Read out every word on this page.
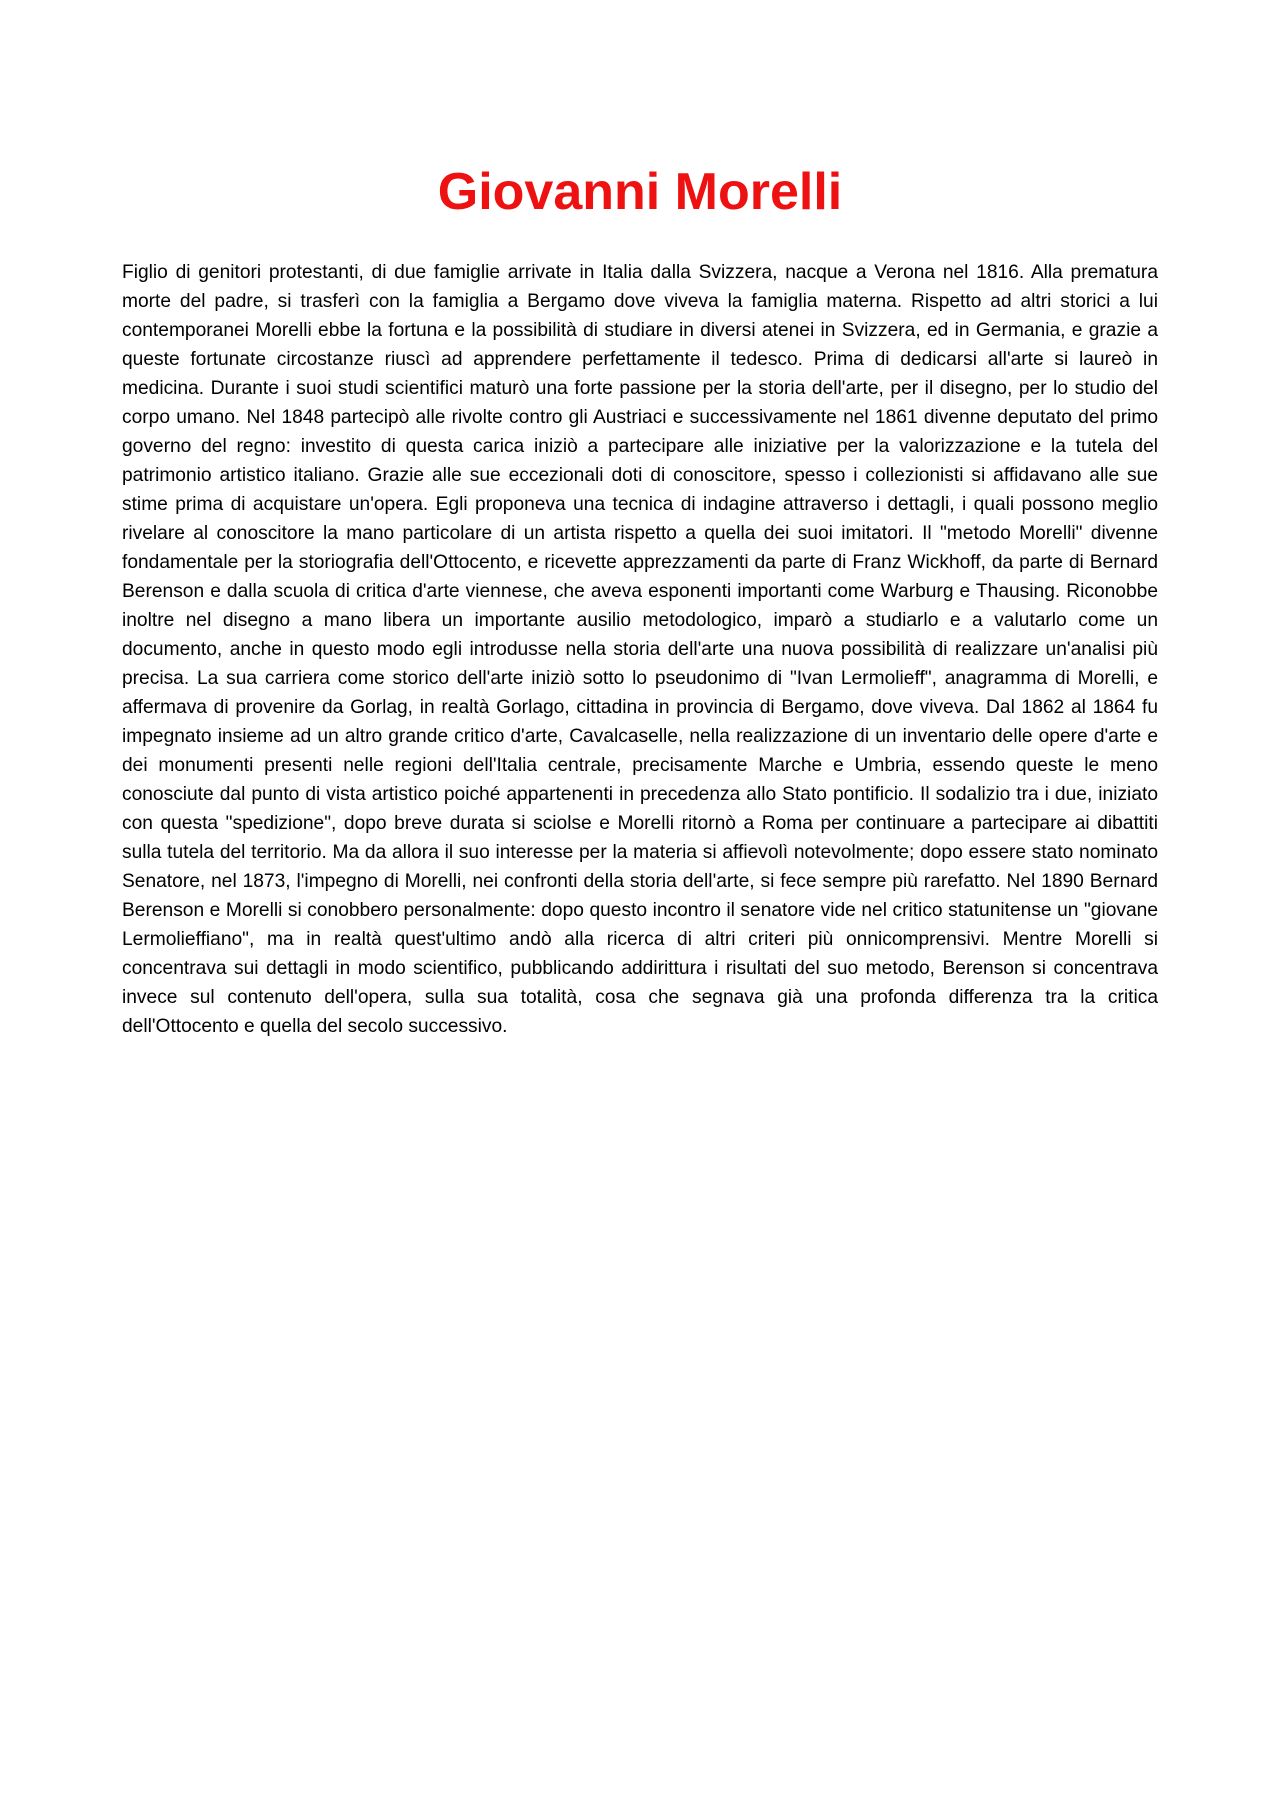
Giovanni Morelli

Figlio di genitori protestanti, di due famiglie arrivate in Italia dalla Svizzera, nacque a Verona nel 1816. Alla prematura morte del padre, si trasferì con la famiglia a Bergamo dove viveva la famiglia materna. Rispetto ad altri storici a lui contemporanei Morelli ebbe la fortuna e la possibilità di studiare in diversi atenei in Svizzera, ed in Germania, e grazie a queste fortunate circostanze riuscì ad apprendere perfettamente il tedesco. Prima di dedicarsi all'arte si laureò in medicina. Durante i suoi studi scientifici maturò una forte passione per la storia dell'arte, per il disegno, per lo studio del corpo umano. Nel 1848 partecipò alle rivolte contro gli Austriaci e successivamente nel 1861 divenne deputato del primo governo del regno: investito di questa carica iniziò a partecipare alle iniziative per la valorizzazione e la tutela del patrimonio artistico italiano. Grazie alle sue eccezionali doti di conoscitore, spesso i collezionisti si affidavano alle sue stime prima di acquistare un'opera. Egli proponeva una tecnica di indagine attraverso i dettagli, i quali possono meglio rivelare al conoscitore la mano particolare di un artista rispetto a quella dei suoi imitatori. Il "metodo Morelli" divenne fondamentale per la storiografia dell'Ottocento, e ricevette apprezzamenti da parte di Franz Wickhoff, da parte di Bernard Berenson e dalla scuola di critica d'arte viennese, che aveva esponenti importanti come Warburg e Thausing. Riconobbe inoltre nel disegno a mano libera un importante ausilio metodologico, imparò a studiarlo e a valutarlo come un documento, anche in questo modo egli introdusse nella storia dell'arte una nuova possibilità di realizzare un'analisi più precisa. La sua carriera come storico dell'arte iniziò sotto lo pseudonimo di "Ivan Lermolieff", anagramma di Morelli, e affermava di provenire da Gorlag, in realtà Gorlago, cittadina in provincia di Bergamo, dove viveva. Dal 1862 al 1864 fu impegnato insieme ad un altro grande critico d'arte, Cavalcaselle, nella realizzazione di un inventario delle opere d'arte e dei monumenti presenti nelle regioni dell'Italia centrale, precisamente Marche e Umbria, essendo queste le meno conosciute dal punto di vista artistico poiché appartenenti in precedenza allo Stato pontificio. Il sodalizio tra i due, iniziato con questa "spedizione", dopo breve durata si sciolse e Morelli ritornò a Roma per continuare a partecipare ai dibattiti sulla tutela del territorio. Ma da allora il suo interesse per la materia si affievolì notevolmente; dopo essere stato nominato Senatore, nel 1873, l'impegno di Morelli, nei confronti della storia dell'arte, si fece sempre più rarefatto. Nel 1890 Bernard Berenson e Morelli si conobbero personalmente: dopo questo incontro il senatore vide nel critico statunitense un "giovane Lermolieffiano", ma in realtà quest'ultimo andò alla ricerca di altri criteri più onnicomprensivi. Mentre Morelli si concentrava sui dettagli in modo scientifico, pubblicando addirittura i risultati del suo metodo, Berenson si concentrava invece sul contenuto dell'opera, sulla sua totalità, cosa che segnava già una profonda differenza tra la critica dell'Ottocento e quella del secolo successivo.
